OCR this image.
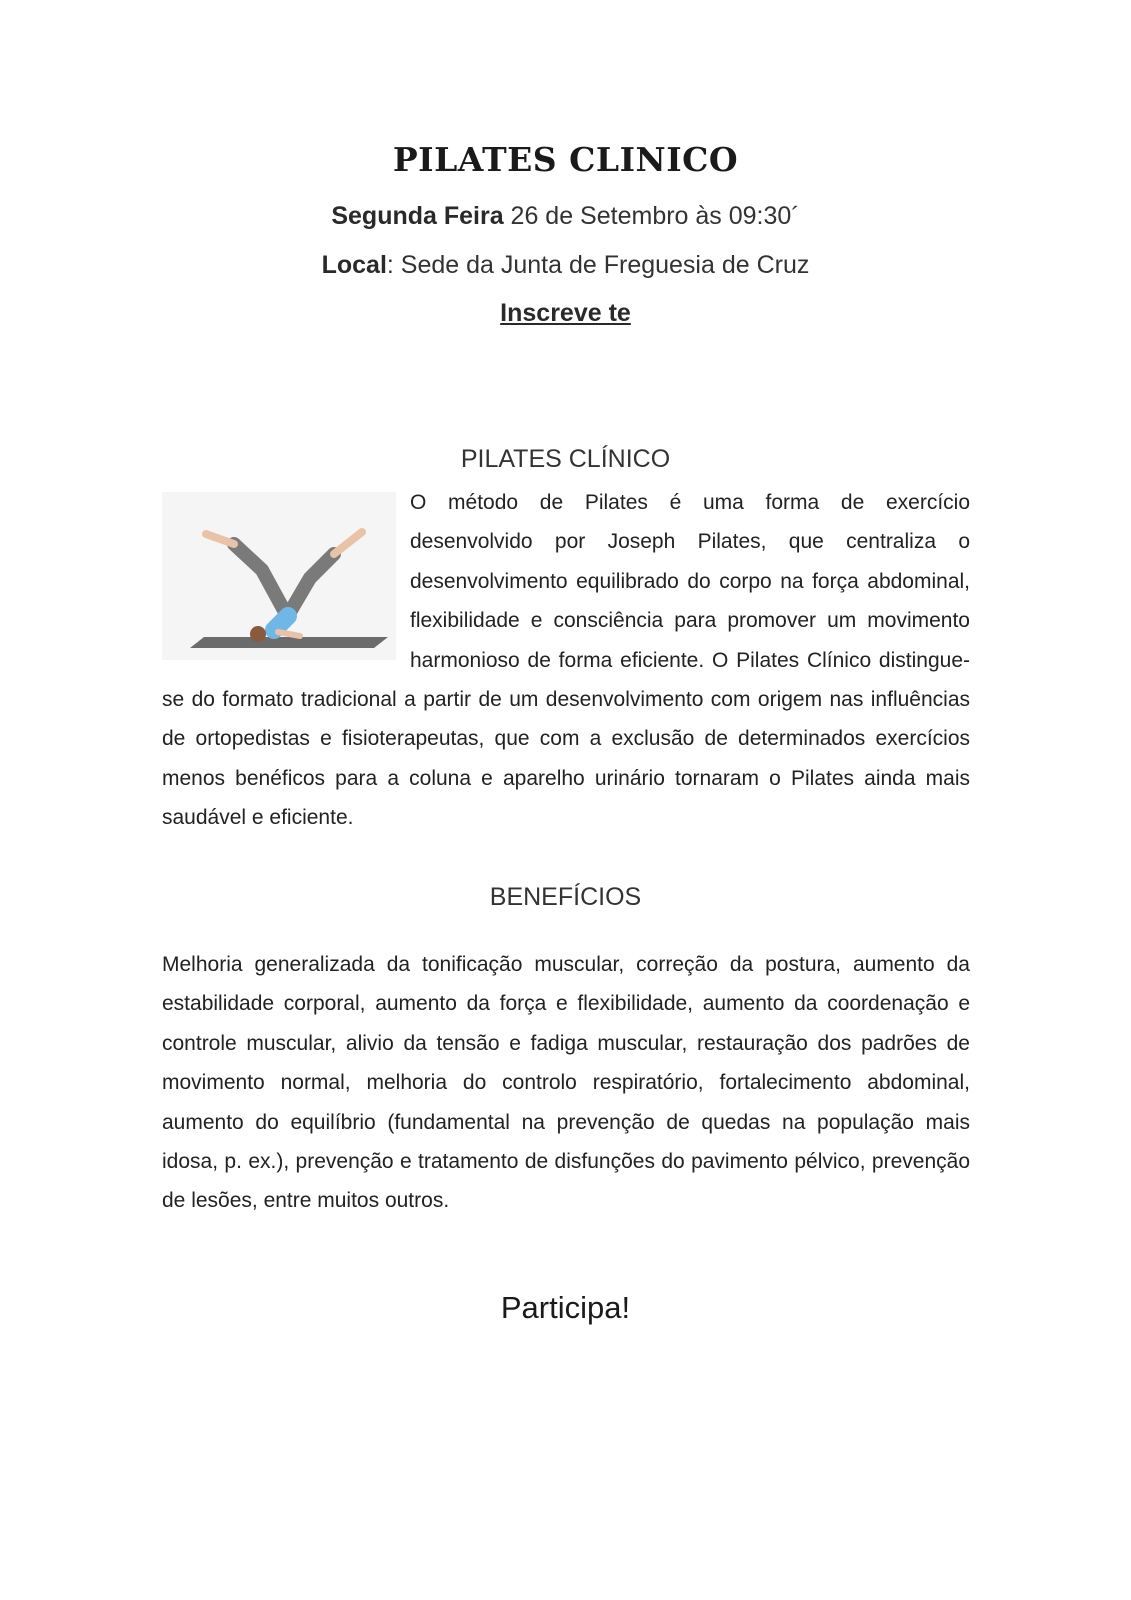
PILATES CLINICO
Segunda Feira 26 de Setembro às 09:30´
Local: Sede da Junta de Freguesia de Cruz
Inscreve te
PILATES CLÍNICO
O método de Pilates é uma forma de exercício desenvolvido por Joseph Pilates, que centraliza o desenvolvimento equilibrado do corpo na força abdominal, flexibilidade e consciência para promover um movimento harmonioso de forma eficiente. O Pilates Clínico distingue-se do formato tradicional a partir de um desenvolvimento com origem nas influências de ortopedistas e fisioterapeutas, que com a exclusão de determinados exercícios menos benéficos para a coluna e aparelho urinário tornaram o Pilates ainda mais saudável e eficiente.
BENEFÍCIOS
Melhoria generalizada da tonificação muscular, correção da postura, aumento da estabilidade corporal, aumento da força e flexibilidade, aumento da coordenação e controle muscular, alivio da tensão e fadiga muscular, restauração dos padrões de movimento normal, melhoria do controlo respiratório, fortalecimento abdominal, aumento do equilíbrio (fundamental na prevenção de quedas na população mais idosa, p. ex.), prevenção e tratamento de disfunções do pavimento pélvico, prevenção de lesões, entre muitos outros.
Participa!
